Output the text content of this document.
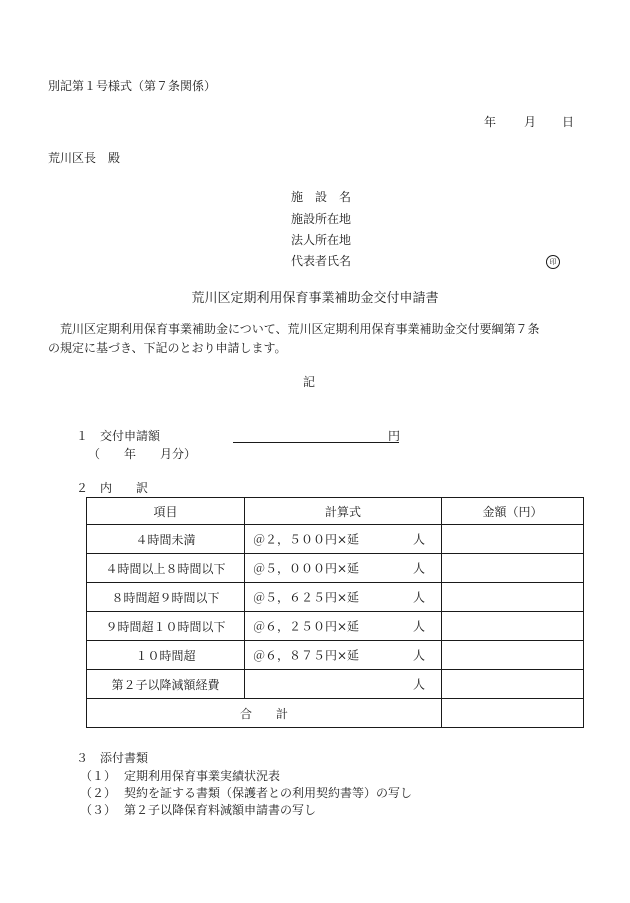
別記第１号様式（第７条関係）
年 月 日
荒川区長　殿
施　設　名
施設所在地
法人所在地
代表者氏名	印
荒川区定期利用保育事業補助金交付申請書
荒川区定期利用保育事業補助金について、荒川区定期利用保育事業補助金交付要綱第７条
の規定に基づき、下記のとおり申請します。
記
１　交付申請額	円
（　　年　　月分）
２　内　　訳
項目	計算式	金額（円）
４時間未満	＠２，５００円×延 人	

４時間以上８時間以下	＠５，０００円×延 人	

８時間超９時間以下	＠５，６２５円×延 人	

９時間超１０時間以下	＠６，２５０円×延 人	

１０時間超	＠６，８７５円×延 人	

第２子以降減額経費	人	

合　　計		
３　添付書類
（１） 定期利用保育事業実績状況表
（２） 契約を証する書類（保護者との利用契約書等）の写し
（３） 第２子以降保育料減額申請書の写し
